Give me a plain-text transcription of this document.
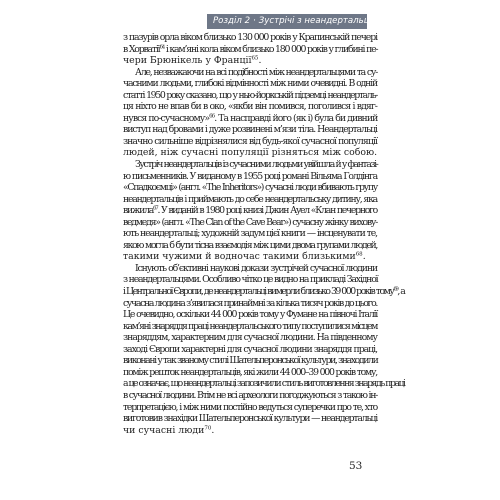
Розділ 2 · Зустрічі з неандертальцями

з пазурів орла віком близько 130 000 років у Крапинській печері
в Хорватії$^{64}$ і кам’яні кола віком близько 180 000 років у глибині пе-
чери Брюнікель у Франції$^{65}$.

Але, незважаючи на всі подібності між неандертальцями та су-
часними людьми, глибокі відмінності між ними очевидні. В одній
статті 1950 року сказано, що у нью-йоркській підземці неандерталь-
ця ніхто не впав би в око, «якби він помився, поголився і вдяг-
нувся по-сучасному»$^{66}$. Та насправді його (як і) була би дивний
виступ над бровами і дуже розвинені м’язи тіла. Неандертальці
значно сильніше відрізнялися від будь-якої сучасної популяції
людей, ніж сучасні популяції різняться між собою.

Зустріч неандертальців із сучасними людьми увійшла й у фантазі-
ю письменників. У виданому в 1955 році романі Вільяма Голдінга
«Спадкоємці» (англ. «The Inheritors») сучасні люди вбивають групу
неандертальців і приймають до себе неандертальську дитину, яка
вижила$^{67}$. У виданій в 1980 році книзі Джин Ауел «Клан печерного
ведмедя» (англ. «The Clan of the Cave Bear») сучасну жінку вихову-
ють неандертальці; художній задум цієї книги — інсценувати те,
якою могла б бути тісна взаємодія між цими двома групами людей,
такими чужими й водночас такими близькими$^{68}$.

Існують об’єктивні наукові докази зустрічей сучасної людини
з неандертальцями. Особливо чітко це видно на прикладі Західної
і Центральної Європи, де неандертальці вимерли близько 39 000 років тому$^{69}$, а
сучасна людина з’явилася принаймні за кілька тисяч років до цього.
Це очевидно, оскільки 44 000 років тому у Фумане на півночі Італії
кам’яні знаряддя праці неандертальського типу поступилися місцем
знаряддям, характерним для сучасної людини. На південному
заході Європи характерні для сучасної людини знаряддя праці,
виконані у так званому стилі Шательперонської культури, знаходили
поміж решток неандертальців, які жили 44 000–39 000 років тому,
а це означає, що неандертальці запозичили стиль виготовлення знарядь праці
в сучасної людини. Втім не всі археологи погоджуються з такою ін-
терпретацією, і між ними постійно ведуться суперечки про те, хто
виготовив знахідки Шательперонської культури — неандертальці
чи сучасні люди$^{70}$.

53
